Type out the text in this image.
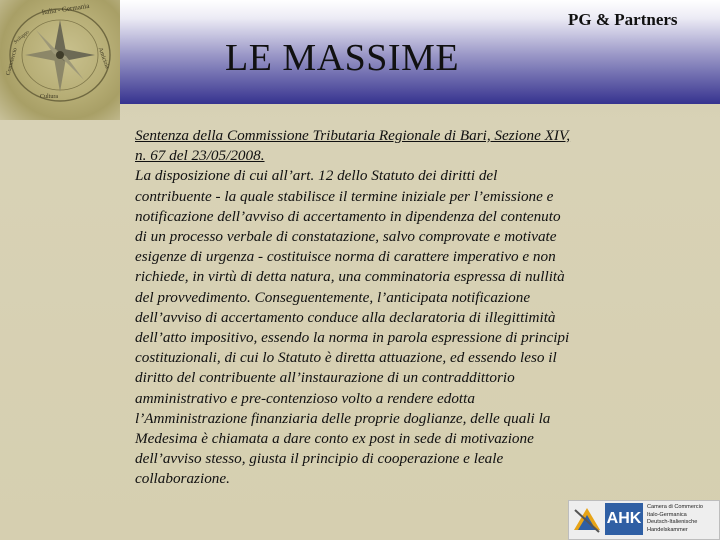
Italia - Germania
Amicizia
Commercio
Cultura
Sviluppo	LE MASSIME
PG & Partners

Sentenza della Commissione Tributaria Regionale di Bari, Sezione XIV,

n. 67 del 23/05/2008.

La disposizione di cui all’art. 12 dello Statuto dei diritti del

contribuente - la quale stabilisce il termine iniziale per l’emissione e

notificazione dell’avviso di accertamento in dipendenza del contenuto

di un processo verbale di constatazione, salvo comprovate e motivate

esigenze di urgenza - costituisce norma di carattere imperativo e non

richiede, in virtù di detta natura, una comminatoria espressa di nullità

del provvedimento. Conseguentemente, l’anticipata notificazione

dell’avviso di accertamento conduce alla declaratoria di illegittimità

dell’atto impositivo, essendo la norma in parola espressione di principi

costituzionali, di cui lo Statuto è diretta attuazione, ed essendo leso il

diritto del contribuente all’instaurazione di un contraddittorio

amministrativo e pre-contenzioso volto a rendere edotta

l’Amministrazione finanziaria delle proprie doglianze, delle quali la

Medesima è chiamata a dare conto ex post in sede di motivazione

dell’avviso stesso, giusta il principio di cooperazione e leale

collaborazione.

AHK
Camera di Commercio
Italo-Germanica
Deutsch-Italienische
Handelskammer
